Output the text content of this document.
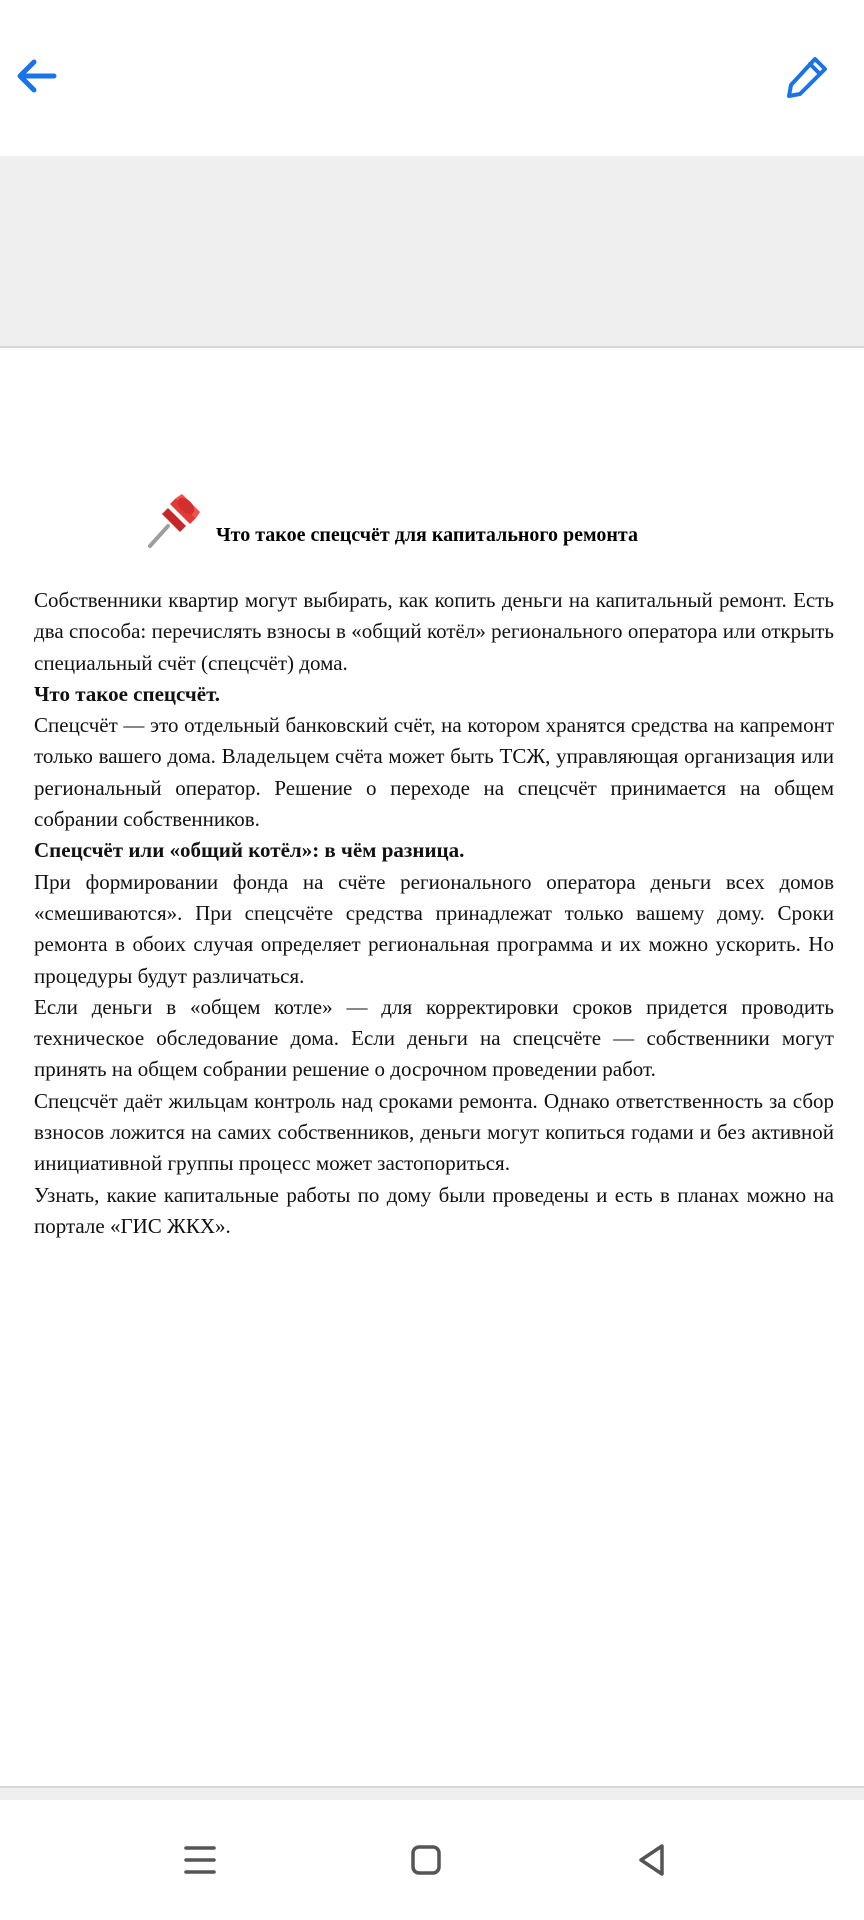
Что такое спецсчёт для капитального ремонта

Собственники квартир могут выбирать, как копить деньги на капитальный ремонт. Есть два способа: перечислять взносы в «общий котёл» регионального оператора или открыть специальный счёт (спецсчёт) дома.

Что такое спецсчёт.

Спецсчёт — это отдельный банковский счёт, на котором хранятся средства на капремонт только вашего дома. Владельцем счёта может быть ТСЖ, управляющая организация или региональный оператор. Решение о переходе на спецсчёт принимается на общем собрании собственников.

Спецсчёт или «общий котёл»: в чём разница.

При формировании фонда на счёте регионального оператора деньги всех домов «смешиваются». При спецсчёте средства принадлежат только вашему дому. Сроки ремонта в обоих случая определяет региональная программа и их можно ускорить. Но процедуры будут различаться.

Если деньги в «общем котле» — для корректировки сроков придется проводить техническое обследование дома. Если деньги на спецсчёте — собственники могут принять на общем собрании решение о досрочном проведении работ.

Спецсчёт даёт жильцам контроль над сроками ремонта. Однако ответственность за сбор взносов ложится на самих собственников, деньги могут копиться годами и без активной инициативной группы процесс может застопориться.

Узнать, какие капитальные работы по дому были проведены и есть в планах можно на портале «ГИС ЖКХ».
